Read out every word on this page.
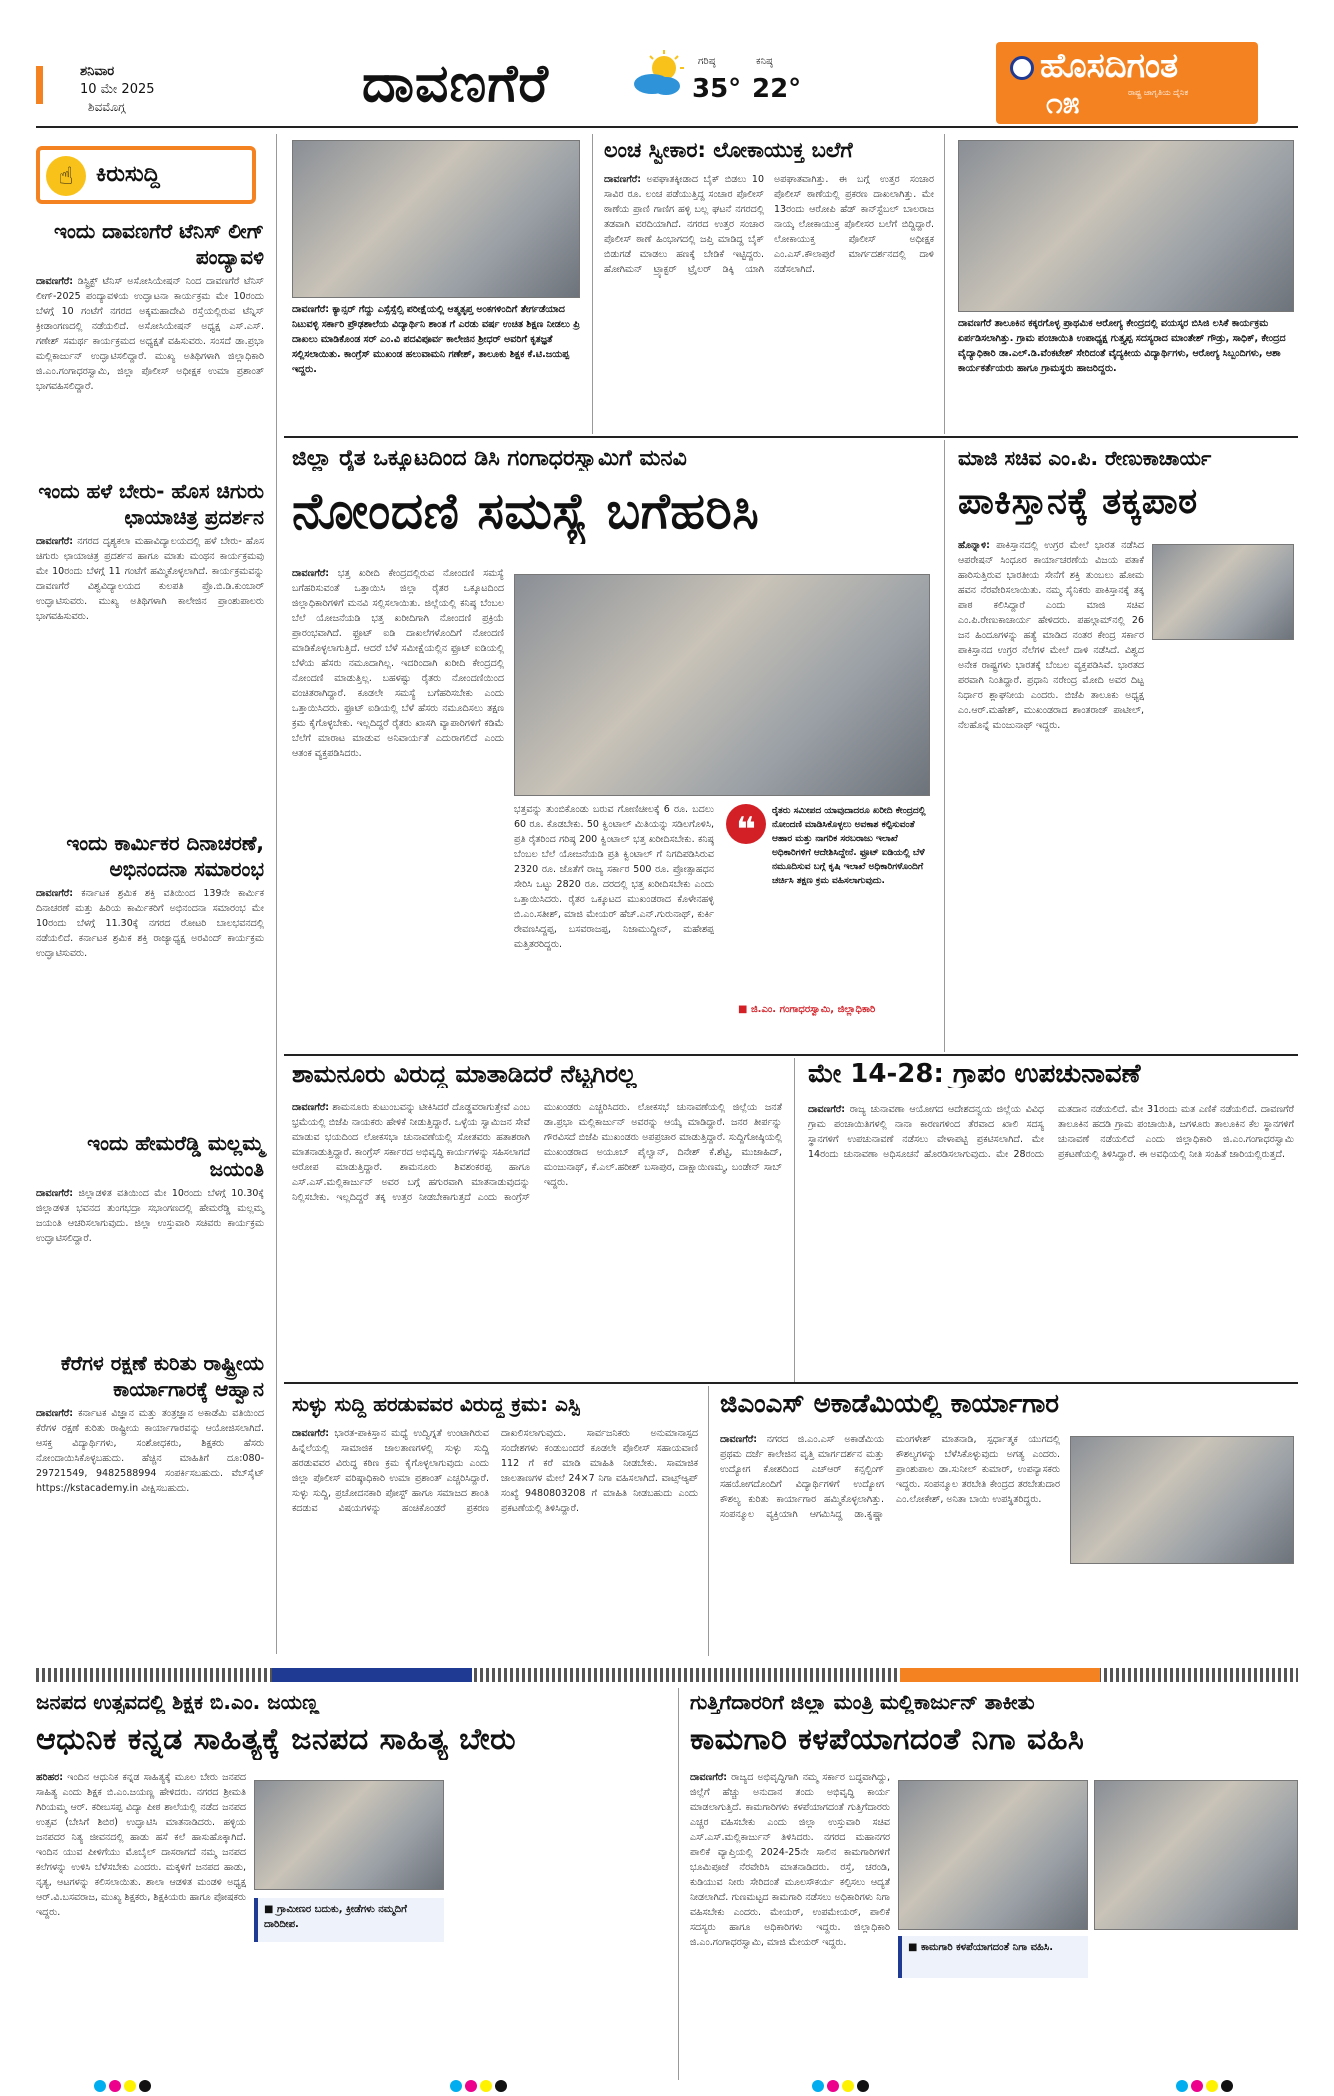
ಶನಿವಾರ
10 ಮೇ 2025
ಶಿವಮೊಗ್ಗ	ದಾವಣಗೆರೆ	ಗರಿಷ್ಠ
35°
ಕನಿಷ್ಠ
22°
ಹೊಸದಿಗಂತ
ರಾಷ್ಟ್ರ ಜಾಗೃತಿಯ ದೈನಿಕ
೧೫
☝	ಕಿರುಸುದ್ದಿ
ಇಂದು ದಾವಣಗೆರೆ ಟೆನಿಸ್ ಲೀಗ್ ಪಂದ್ಯಾವಳಿ
ದಾವಣಗೆರೆ: ಡಿಸ್ಟ್ರಿಕ್ಟ್ ಟೆನಿಸ್ ಅಸೋಸಿಯೇಷನ್ ನಿಂದ ದಾವಣಗೆರೆ ಟೆನಿಸ್ ಲೀಗ್-2025 ಪಂದ್ಯಾವಳಿಯ ಉದ್ಘಾಟನಾ ಕಾರ್ಯಕ್ರಮ ಮೇ 10ರಂದು ಬೆಳಗ್ಗೆ 10 ಗಂಟೆಗೆ ನಗರದ ಅಕ್ಕಮಹಾದೇವಿ ರಸ್ತೆಯಲ್ಲಿರುವ ಟೆನ್ನಿಸ್ ಕ್ರೀಡಾಂಗಣದಲ್ಲಿ ನಡೆಯಲಿದೆ. ಅಸೋಸಿಯೇಷನ್ ಅಧ್ಯಕ್ಷ ಎಸ್.ಎಸ್. ಗಣೇಶ್ ಸಮರ್ಥ ಕಾರ್ಯಕ್ರಮದ ಅಧ್ಯಕ್ಷತೆ ವಹಿಸುವರು. ಸಂಸದೆ ಡಾ.ಪ್ರಭಾ ಮಲ್ಲಿಕಾರ್ಜುನ್ ಉದ್ಘಾಟಿಸಲಿದ್ದಾರೆ. ಮುಖ್ಯ ಅತಿಥಿಗಳಾಗಿ ಜಿಲ್ಲಾಧಿಕಾರಿ ಜಿ.ಎಂ.ಗಂಗಾಧರಸ್ವಾಮಿ, ಜಿಲ್ಲಾ ಪೊಲೀಸ್ ಅಧೀಕ್ಷಕ ಉಮಾ ಪ್ರಶಾಂತ್ ಭಾಗವಹಿಸಲಿದ್ದಾರೆ.
ಇಂದು ಹಳೆ ಬೇರು- ಹೊಸ ಚಿಗುರು ಛಾಯಾಚಿತ್ರ ಪ್ರದರ್ಶನ
ದಾವಣಗೆರೆ: ನಗರದ ದೃಶ್ಯಕಲಾ ಮಹಾವಿದ್ಯಾಲಯದಲ್ಲಿ ಹಳೆ ಬೇರು- ಹೊಸ ಚಿಗುರು ಛಾಯಾಚಿತ್ರ ಪ್ರದರ್ಶನ ಹಾಗೂ ಮಾತು ಮಂಥನ ಕಾರ್ಯಕ್ರಮವು ಮೇ 10ರಂದು ಬೆಳಗ್ಗೆ 11 ಗಂಟೆಗೆ ಹಮ್ಮಿಕೊಳ್ಳಲಾಗಿದೆ. ಕಾರ್ಯಕ್ರಮವನ್ನು ದಾವಣಗೆರೆ ವಿಶ್ವವಿದ್ಯಾಲಯದ ಕುಲಪತಿ ಪ್ರೊ.ಬಿ.ಡಿ.ಕುಂಬಾರ್ ಉದ್ಘಾಟಿಸುವರು. ಮುಖ್ಯ ಅತಿಥಿಗಳಾಗಿ ಕಾಲೇಜಿನ ಪ್ರಾಂಶುಪಾಲರು ಭಾಗವಹಿಸುವರು.
ಇಂದು ಕಾರ್ಮಿಕರ ದಿನಾಚರಣೆ, ಅಭಿನಂದನಾ ಸಮಾರಂಭ
ದಾವಣಗೆರೆ: ಕರ್ನಾಟಕ ಶ್ರಮಿಕ ಶಕ್ತಿ ವತಿಯಿಂದ 139ನೇ ಕಾರ್ಮಿಕ ದಿನಾಚರಣೆ ಮತ್ತು ಹಿರಿಯ ಕಾರ್ಮಿಕರಿಗೆ ಅಭಿನಂದನಾ ಸಮಾರಂಭ ಮೇ 10ರಂದು ಬೆಳಗ್ಗೆ 11.30ಕ್ಕೆ ನಗರದ ರೋಟರಿ ಬಾಲಭವನದಲ್ಲಿ ನಡೆಯಲಿದೆ. ಕರ್ನಾಟಕ ಶ್ರಮಿಕ ಶಕ್ತಿ ರಾಜ್ಯಾಧ್ಯಕ್ಷ ಅರವಿಂದ್ ಕಾರ್ಯಕ್ರಮ ಉದ್ಘಾಟಿಸುವರು.
ಇಂದು ಹೇಮರೆಡ್ಡಿ ಮಲ್ಲಮ್ಮ ಜಯಂತಿ
ದಾವಣಗೆರೆ: ಜಿಲ್ಲಾಡಳಿತ ವತಿಯಿಂದ ಮೇ 10ರಂದು ಬೆಳಗ್ಗೆ 10.30ಕ್ಕೆ ಜಿಲ್ಲಾಡಳಿತ ಭವನದ ತುಂಗಭದ್ರಾ ಸಭಾಂಗಣದಲ್ಲಿ ಹೇಮರೆಡ್ಡಿ ಮಲ್ಲಮ್ಮ ಜಯಂತಿ ಆಚರಿಸಲಾಗುವುದು. ಜಿಲ್ಲಾ ಉಸ್ತುವಾರಿ ಸಚಿವರು ಕಾರ್ಯಕ್ರಮ ಉದ್ಘಾಟಿಸಲಿದ್ದಾರೆ.
ಕೆರೆಗಳ ರಕ್ಷಣೆ ಕುರಿತು ರಾಷ್ಟ್ರೀಯ ಕಾರ್ಯಾಗಾರಕ್ಕೆ ಆಹ್ವಾನ
ದಾವಣಗೆರೆ: ಕರ್ನಾಟಕ ವಿಜ್ಞಾನ ಮತ್ತು ತಂತ್ರಜ್ಞಾನ ಅಕಾಡೆಮಿ ವತಿಯಿಂದ ಕೆರೆಗಳ ರಕ್ಷಣೆ ಕುರಿತು ರಾಷ್ಟ್ರೀಯ ಕಾರ್ಯಾಗಾರವನ್ನು ಆಯೋಜಿಸಲಾಗಿದೆ. ಆಸಕ್ತ ವಿದ್ಯಾರ್ಥಿಗಳು, ಸಂಶೋಧಕರು, ಶಿಕ್ಷಕರು ಹೆಸರು ನೋಂದಾಯಿಸಿಕೊಳ್ಳಬಹುದು. ಹೆಚ್ಚಿನ ಮಾಹಿತಿಗೆ ದೂ:080-29721549, 9482588994 ಸಂಪರ್ಕಿಸಬಹುದು. ವೆಬ್‌ಸೈಟ್ https://kstacademy.in ವೀಕ್ಷಿಸಬಹುದು.
ದಾವಣಗೆರೆ: ಕ್ಯಾನ್ಸರ್ ಗೆದ್ದು ಎಸ್ಸೆಸ್ಸೆಲ್ಸಿ ಪರೀಕ್ಷೆಯಲ್ಲಿ ಆತ್ಮತೃಪ್ತ ಅಂಕಗಳಿಂದಿಗೆ ತೇರ್ಗಡೆಯಾದ ನಿಟುವಳ್ಳಿ ಸರ್ಕಾರಿ ಪ್ರೌಢಶಾಲೆಯ ವಿದ್ಯಾರ್ಥಿನಿ ಶಾಂತ ಗೆ ಎರಡು ವರ್ಷ ಉಚಿತ ಶಿಕ್ಷಣ ನೀಡಲು ಪ್ರಿ ದಾಖಲು ಮಾಡಿಕೊಂಡ ಸರ್ ಎಂ.ವಿ ಪದವಿಪೂರ್ವ ಕಾಲೇಜಿನ ಶ್ರೀಧರ್ ಅವರಿಗೆ ಕೃತಜ್ಞತೆ ಸಲ್ಲಿಸಲಾಯಿತು. ಕಾಂಗ್ರೆಸ್ ಮುಖಂಡ ಹಲುವಾಮನಿ ಗಣೇಶ್, ತಾಲೂಕು ಶಿಕ್ಷಕ ಕೆ.ಟಿ.ಜಯಪ್ಪ ಇದ್ದರು.
ಲಂಚ ಸ್ವೀಕಾರ: ಲೋಕಾಯುಕ್ತ ಬಲೆಗೆ
ದಾವಣಗೆರೆ: ಅಪಘಾತಕ್ಕೀಡಾದ ಬೈಕ್ ಬಿಡಲು 10 ಸಾವಿರ ರೂ. ಲಂಚ ಪಡೆಯುತ್ತಿದ್ದ ಸಂಚಾರ ಪೊಲೀಸ್ ಠಾಣೆಯ ಪ್ರಾಣಿ ಗಾಣಿಗ ಹಳ್ಳಿ ಬಲ್ಲ ಘಟನೆ ನಗರದಲ್ಲಿ ತಡವಾಗಿ ವರದಿಯಾಗಿದೆ. ನಗರದ ಉತ್ತರ ಸಂಚಾರ ಪೊಲೀಸ್ ಠಾಣೆ ಹಿಂಭಾಗದಲ್ಲಿ ಜಪ್ತಿ ಮಾಡಿದ್ದ ಬೈಕ್ ಬಿಡುಗಡೆ ಮಾಡಲು ಹಣಕ್ಕೆ ಬೇಡಿಕೆ ಇಟ್ಟಿದ್ದರು. ಹೋಗಿಮನ್ ಟ್ರ್ಯಾಕ್ಟರ್ ಟ್ರೈಲರ್ ಡಿಕ್ಕಿ ಯಾಗಿ ಅಪಘಾತವಾಗಿತ್ತು. ಈ ಬಗ್ಗೆ ಉತ್ತರ ಸಂಚಾರ ಪೊಲೀಸ್ ಠಾಣೆಯಲ್ಲಿ ಪ್ರಕರಣ ದಾಖಲಾಗಿತ್ತು. ಮೇ 13ರಂದು ಆರೋಪಿ ಹೆಡ್ ಕಾನ್‌ಸ್ಟೆಬಲ್ ಬಾಲರಾಜ ನಾಯ್ಕ ಲೋಕಾಯುಕ್ತ ಪೊಲೀಸರ ಬಲೆಗೆ ಬಿದ್ದಿದ್ದಾರೆ. ಲೋಕಾಯುಕ್ತ ಪೊಲೀಸ್ ಅಧೀಕ್ಷಕ ಎಂ.ಎಸ್.ಕೌಲಾಪುರೆ ಮಾರ್ಗದರ್ಶನದಲ್ಲಿ ದಾಳಿ ನಡೆಸಲಾಗಿದೆ.
ದಾವಣಗೆರೆ ತಾಲೂಕಿನ ಕಕ್ಕರಗೊಳ್ಳ ಪ್ರಾಥಮಿಕ ಆರೋಗ್ಯ ಕೇಂದ್ರದಲ್ಲಿ ವಯಸ್ಕರ ಬಿಸಿಜಿ ಲಸಿಕೆ ಕಾರ್ಯಕ್ರಮ ಏರ್ಪಡಿಸಲಾಗಿತ್ತು. ಗ್ರಾಮ ಪಂಚಾಯಿತಿ ಉಪಾಧ್ಯಕ್ಷ ಗುತ್ತ್ಯಪ್ಪ ಸದಸ್ಯರಾದ ಮಾಂತೇಶ್ ಗೌಡ್ರು, ಸಾಧಿಕ್, ಕೇಂದ್ರದ ವೈದ್ಯಾಧಿಕಾರಿ ಡಾ.ಎಲ್.ಡಿ.ವೆಂಕಟೇಶ್ ಸೇರಿದಂತೆ ವೈದ್ಯಕೀಯ ವಿದ್ಯಾರ್ಥಿಗಳು, ಆರೋಗ್ಯ ಸಿಬ್ಬಂದಿಗಳು, ಆಶಾ ಕಾರ್ಯಕರ್ತೆಯರು ಹಾಗೂ ಗ್ರಾಮಸ್ಥರು ಹಾಜರಿದ್ದರು.
ಜಿಲ್ಲಾ ರೈತ ಒಕ್ಕೂಟದಿಂದ ಡಿಸಿ ಗಂಗಾಧರಸ್ವಾಮಿಗೆ ಮನವಿ
ನೋಂದಣಿ ಸಮಸ್ಯೆ ಬಗೆಹರಿಸಿ
ದಾವಣಗೆರೆ: ಭತ್ತ ಖರೀದಿ ಕೇಂದ್ರದಲ್ಲಿರುವ ನೋಂದಣಿ ಸಮಸ್ಯೆ ಬಗೆಹರಿಸುವಂತೆ ಒತ್ತಾಯಿಸಿ ಜಿಲ್ಲಾ ರೈತರ ಒಕ್ಕೂಟದಿಂದ ಜಿಲ್ಲಾಧಿಕಾರಿಗಳಿಗೆ ಮನವಿ ಸಲ್ಲಿಸಲಾಯಿತು. ಜಿಲ್ಲೆಯಲ್ಲಿ ಕನಿಷ್ಠ ಬೆಂಬಲ ಬೆಲೆ ಯೋಜನೆಯಡಿ ಭತ್ತ ಖರೀದಿಗಾಗಿ ನೋಂದಣಿ ಪ್ರಕ್ರಿಯೆ ಪ್ರಾರಂಭವಾಗಿದೆ. ಫ್ರೂಟ್ ಐಡಿ ದಾಖಲೆಗಳೊಂದಿಗೆ ನೋಂದಣಿ ಮಾಡಿಕೊಳ್ಳಲಾಗುತ್ತಿದೆ. ಆದರೆ ಬೆಳೆ ಸಮೀಕ್ಷೆಯಲ್ಲಿನ ಫ್ರೂಟ್ ಐಡಿಯಲ್ಲಿ ಬೆಳೆಯ ಹೆಸರು ನಮೂದಾಗಿಲ್ಲ. ಇದರಿಂದಾಗಿ ಖರೀದಿ ಕೇಂದ್ರದಲ್ಲಿ ನೋಂದಣಿ ಮಾಡುತ್ತಿಲ್ಲ. ಬಹಳಷ್ಟು ರೈತರು ನೋಂದಣಿಯಿಂದ ವಂಚಿತರಾಗಿದ್ದಾರೆ. ಕೂಡಲೇ ಸಮಸ್ಯೆ ಬಗೆಹರಿಸಬೇಕು ಎಂದು ಒತ್ತಾಯಿಸಿದರು. ಫ್ರೂಟ್ ಐಡಿಯಲ್ಲಿ ಬೆಳೆ ಹೆಸರು ನಮೂದಿಸಲು ತಕ್ಷಣ ಕ್ರಮ ಕೈಗೊಳ್ಳಬೇಕು. ಇಲ್ಲದಿದ್ದರೆ ರೈತರು ಖಾಸಗಿ ವ್ಯಾಪಾರಿಗಳಿಗೆ ಕಡಿಮೆ ಬೆಲೆಗೆ ಮಾರಾಟ ಮಾಡುವ ಅನಿವಾರ್ಯತೆ ಎದುರಾಗಲಿದೆ ಎಂದು ಆತಂಕ ವ್ಯಕ್ತಪಡಿಸಿದರು.
ಭತ್ತವನ್ನು ತುಂಬಿಕೊಂಡು ಬರುವ ಗೋಣಿಚೀಲಕ್ಕೆ 6 ರೂ. ಬದಲು 60 ರೂ. ಕೊಡಬೇಕು. 50 ಕ್ವಿಂಟಾಲ್ ಮಿತಿಯನ್ನು ಸಡಿಲಗೊಳಿಸಿ, ಪ್ರತಿ ರೈತರಿಂದ ಗರಿಷ್ಠ 200 ಕ್ವಿಂಟಾಲ್ ಭತ್ತ ಖರೀದಿಸಬೇಕು. ಕನಿಷ್ಠ ಬೆಂಬಲ ಬೆಲೆ ಯೋಜನೆಯಡಿ ಪ್ರತಿ ಕ್ವಿಂಟಾಲ್ ಗೆ ನಿಗದಿಪಡಿಸಿರುವ 2320 ರೂ. ಜೊತೆಗೆ ರಾಜ್ಯ ಸರ್ಕಾರ 500 ರೂ. ಪ್ರೋತ್ಸಾಹಧನ ಸೇರಿಸಿ ಒಟ್ಟು 2820 ರೂ. ದರದಲ್ಲಿ ಭತ್ತ ಖರೀದಿಸಬೇಕು ಎಂದು ಒತ್ತಾಯಿಸಿದರು. ರೈತರ ಒಕ್ಕೂಟದ ಮುಖಂಡರಾದ ಕೊಳೇನಹಳ್ಳಿ ಬಿ.ಎಂ.ಸತೀಶ್, ಮಾಜಿ ಮೇಯರ್ ಹೆಚ್.ಎನ್.ಗುರುನಾಥ್, ಕುರ್ಕಿ ರೇವಣಸಿದ್ದಪ್ಪ, ಬಸವರಾಜಪ್ಪ, ನಿಜಾಮುದ್ದೀನ್, ಮಹೇಶಪ್ಪ ಮತ್ತಿತರರಿದ್ದರು.
❝	ರೈತರು ಸಮೀಪದ ಯಾವುದಾದರೂ ಖರೀದಿ ಕೇಂದ್ರದಲ್ಲಿ ನೋಂದಣಿ ಮಾಡಿಸಿಕೊಳ್ಳಲು ಅವಕಾಶ ಕಲ್ಪಿಸುವಂತೆ ಆಹಾರ ಮತ್ತು ನಾಗರಿಕ ಸರಬರಾಜು ಇಲಾಖೆ ಅಧಿಕಾರಿಗಳಿಗೆ ಆದೇಶಿಸಿದ್ದೇನೆ. ಫ್ರೂಟ್ ಐಡಿಯಲ್ಲಿ ಬೆಳೆ ನಮೂದಿಸುವ ಬಗ್ಗೆ ಕೃಷಿ ಇಲಾಖೆ ಅಧಿಕಾರಿಗಳೊಂದಿಗೆ ಚರ್ಚಿಸಿ ತಕ್ಷಣ ಕ್ರಮ ವಹಿಸಲಾಗುವುದು.
■ ಜಿ.ಎಂ. ಗಂಗಾಧರಸ್ವಾಮಿ, ಜಿಲ್ಲಾಧಿಕಾರಿ
ಮಾಜಿ ಸಚಿವ ಎಂ.ಪಿ. ರೇಣುಕಾಚಾರ್ಯ
ಪಾಕಿಸ್ತಾನಕ್ಕೆ ತಕ್ಕಪಾಠ
ಹೊನ್ನಾಳಿ: ಪಾಕಿಸ್ತಾನದಲ್ಲಿ ಉಗ್ರರ ಮೇಲೆ ಭಾರತ ನಡೆಸಿದ ಆಪರೇಷನ್ ಸಿಂಧೂರ ಕಾರ್ಯಾಚರಣೆಯ ವಿಜಯ ಪತಾಕೆ ಹಾರಿಸುತ್ತಿರುವ ಭಾರತೀಯ ಸೇನೆಗೆ ಶಕ್ತಿ ತುಂಬಲು ಹೋಮ ಹವನ ನೆರವೇರಿಸಲಾಯಿತು. ನಮ್ಮ ಸೈನಿಕರು ಪಾಕಿಸ್ತಾನಕ್ಕೆ ತಕ್ಕ ಪಾಠ ಕಲಿಸಿದ್ದಾರೆ ಎಂದು ಮಾಜಿ ಸಚಿವ ಎಂ.ಪಿ.ರೇಣುಕಾಚಾರ್ಯ ಹೇಳಿದರು. ಪಹಲ್ಗಾಮ್‌ನಲ್ಲಿ 26 ಜನ ಹಿಂದೂಗಳನ್ನು ಹತ್ಯೆ ಮಾಡಿದ ನಂತರ ಕೇಂದ್ರ ಸರ್ಕಾರ ಪಾಕಿಸ್ತಾನದ ಉಗ್ರರ ನೆಲೆಗಳ ಮೇಲೆ ದಾಳಿ ನಡೆಸಿದೆ. ವಿಶ್ವದ ಅನೇಕ ರಾಷ್ಟ್ರಗಳು ಭಾರತಕ್ಕೆ ಬೆಂಬಲ ವ್ಯಕ್ತಪಡಿಸಿವೆ. ಭಾರತದ ಪರವಾಗಿ ನಿಂತಿದ್ದಾರೆ. ಪ್ರಧಾನಿ ನರೇಂದ್ರ ಮೋದಿ ಅವರ ದಿಟ್ಟ ನಿರ್ಧಾರ ಶ್ಲಾಘನೀಯ ಎಂದರು. ಬಿಜೆಪಿ ತಾಲೂಕು ಅಧ್ಯಕ್ಷ ಎಂ.ಆರ್.ಮಹೇಶ್, ಮುಖಂಡರಾದ ಶಾಂತರಾಜ್ ಪಾಟೀಲ್, ನೆಲಹೊನ್ನೆ ಮಂಜುನಾಥ್ ಇದ್ದರು.
ಶಾಮನೂರು ವಿರುದ್ಧ ಮಾತಾಡಿದರೆ ನೆಟ್ಟಗಿರಲ್ಲ
ದಾವಣಗೆರೆ: ಶಾಮನೂರು ಕುಟುಂಬವನ್ನು ಟೀಕಿಸಿದರೆ ದೊಡ್ಡವರಾಗುತ್ತೇವೆ ಎಂಬ ಭ್ರಮೆಯಲ್ಲಿ ಬಿಜೆಪಿ ನಾಯಕರು ಹೇಳಿಕೆ ನೀಡುತ್ತಿದ್ದಾರೆ. ಒಳ್ಳೆಯ ಸ್ವಾಮಿಜನ ಸೇವೆ ಮಾಡುವ ಭಯದಿಂದ ಲೋಕಸಭಾ ಚುನಾವಣೆಯಲ್ಲಿ ಸೋತವರು ಹತಾಶರಾಗಿ ಮಾತನಾಡುತ್ತಿದ್ದಾರೆ. ಕಾಂಗ್ರೆಸ್ ಸರ್ಕಾರದ ಅಭಿವೃದ್ಧಿ ಕಾರ್ಯಗಳನ್ನು ಸಹಿಸಲಾಗದೆ ಆರೋಪ ಮಾಡುತ್ತಿದ್ದಾರೆ. ಶಾಮನೂರು ಶಿವಶಂಕರಪ್ಪ ಹಾಗೂ ಎಸ್.ಎಸ್.ಮಲ್ಲಿಕಾರ್ಜುನ್ ಅವರ ಬಗ್ಗೆ ಹಗುರವಾಗಿ ಮಾತನಾಡುವುದನ್ನು ನಿಲ್ಲಿಸಬೇಕು. ಇಲ್ಲದಿದ್ದರೆ ತಕ್ಕ ಉತ್ತರ ನೀಡಬೇಕಾಗುತ್ತದೆ ಎಂದು ಕಾಂಗ್ರೆಸ್ ಮುಖಂಡರು ಎಚ್ಚರಿಸಿದರು. ಲೋಕಸಭೆ ಚುನಾವಣೆಯಲ್ಲಿ ಜಿಲ್ಲೆಯ ಜನತೆ ಡಾ.ಪ್ರಭಾ ಮಲ್ಲಿಕಾರ್ಜುನ್ ಅವರನ್ನು ಆಯ್ಕೆ ಮಾಡಿದ್ದಾರೆ. ಜನರ ತೀರ್ಪನ್ನು ಗೌರವಿಸದೆ ಬಿಜೆಪಿ ಮುಖಂಡರು ಅಪಪ್ರಚಾರ ಮಾಡುತ್ತಿದ್ದಾರೆ. ಸುದ್ದಿಗೋಷ್ಠಿಯಲ್ಲಿ ಮುಖಂಡರಾದ ಅಯೂಬ್ ಪೈಲ್ವಾನ್, ದಿನೇಶ್ ಕೆ.ಶೆಟ್ಟಿ, ಮುಜಾಹಿದ್, ಮಂಜುನಾಥ್, ಕೆ.ಎಲ್.ಹರೀಶ್ ಬಸಾಪುರ, ದಾಕ್ಷಾಯಿಣಮ್ಮ, ಬಂಡೇನ್ ಸಾಬ್ ಇದ್ದರು.
ಮೇ 14-28: ಗ್ರಾಪಂ ಉಪಚುನಾವಣೆ
ದಾವಣಗೆರೆ: ರಾಜ್ಯ ಚುನಾವಣಾ ಆಯೋಗದ ಆದೇಶದನ್ವಯ ಜಿಲ್ಲೆಯ ವಿವಿಧ ಗ್ರಾಮ ಪಂಚಾಯಿತಿಗಳಲ್ಲಿ ನಾನಾ ಕಾರಣಗಳಿಂದ ತೆರವಾದ ಖಾಲಿ ಸದಸ್ಯ ಸ್ಥಾನಗಳಿಗೆ ಉಪಚುನಾವಣೆ ನಡೆಸಲು ವೇಳಾಪಟ್ಟಿ ಪ್ರಕಟಿಸಲಾಗಿದೆ. ಮೇ 14ರಂದು ಚುನಾವಣಾ ಅಧಿಸೂಚನೆ ಹೊರಡಿಸಲಾಗುವುದು. ಮೇ 28ರಂದು ಮತದಾನ ನಡೆಯಲಿದೆ. ಮೇ 31ರಂದು ಮತ ಎಣಿಕೆ ನಡೆಯಲಿದೆ. ದಾವಣಗೆರೆ ತಾಲೂಕಿನ ಹದಡಿ ಗ್ರಾಮ ಪಂಚಾಯಿತಿ, ಜಗಳೂರು ತಾಲೂಕಿನ ಕೆಲ ಸ್ಥಾನಗಳಿಗೆ ಚುನಾವಣೆ ನಡೆಯಲಿದೆ ಎಂದು ಜಿಲ್ಲಾಧಿಕಾರಿ ಜಿ.ಎಂ.ಗಂಗಾಧರಸ್ವಾಮಿ ಪ್ರಕಟಣೆಯಲ್ಲಿ ತಿಳಿಸಿದ್ದಾರೆ. ಈ ಅವಧಿಯಲ್ಲಿ ನೀತಿ ಸಂಹಿತೆ ಜಾರಿಯಲ್ಲಿರುತ್ತದೆ.
ಸುಳ್ಳು ಸುದ್ದಿ ಹರಡುವವರ ವಿರುದ್ಧ ಕ್ರಮ: ಎಸ್ಪಿ
ದಾವಣಗೆರೆ: ಭಾರತ-ಪಾಕಿಸ್ತಾನ ಮಧ್ಯೆ ಉದ್ವಿಗ್ನತೆ ಉಂಟಾಗಿರುವ ಹಿನ್ನೆಲೆಯಲ್ಲಿ ಸಾಮಾಜಿಕ ಜಾಲತಾಣಗಳಲ್ಲಿ ಸುಳ್ಳು ಸುದ್ದಿ ಹರಡುವವರ ವಿರುದ್ಧ ಕಠಿಣ ಕ್ರಮ ಕೈಗೊಳ್ಳಲಾಗುವುದು ಎಂದು ಜಿಲ್ಲಾ ಪೊಲೀಸ್ ವರಿಷ್ಠಾಧಿಕಾರಿ ಉಮಾ ಪ್ರಶಾಂತ್ ಎಚ್ಚರಿಸಿದ್ದಾರೆ. ಸುಳ್ಳು ಸುದ್ದಿ, ಪ್ರಚೋದನಕಾರಿ ಪೋಸ್ಟ್ ಹಾಗೂ ಸಮಾಜದ ಶಾಂತಿ ಕದಡುವ ವಿಷಯಗಳನ್ನು ಹಂಚಿಕೊಂಡರೆ ಪ್ರಕರಣ ದಾಖಲಿಸಲಾಗುವುದು. ಸಾರ್ವಜನಿಕರು ಅನುಮಾನಾಸ್ಪದ ಸಂದೇಶಗಳು ಕಂಡುಬಂದರೆ ಕೂಡಲೇ ಪೊಲೀಸ್ ಸಹಾಯವಾಣಿ 112 ಗೆ ಕರೆ ಮಾಡಿ ಮಾಹಿತಿ ನೀಡಬೇಕು. ಸಾಮಾಜಿಕ ಜಾಲತಾಣಗಳ ಮೇಲೆ 24×7 ನಿಗಾ ವಹಿಸಲಾಗಿದೆ. ವಾಟ್ಸ್‌ಆ್ಯಪ್ ಸಂಖ್ಯೆ 9480803208 ಗೆ ಮಾಹಿತಿ ನೀಡಬಹುದು ಎಂದು ಪ್ರಕಟಣೆಯಲ್ಲಿ ತಿಳಿಸಿದ್ದಾರೆ.
ಜಿಎಂಎಸ್ ಅಕಾಡೆಮಿಯಲ್ಲಿ ಕಾರ್ಯಾಗಾರ
ದಾವಣಗೆರೆ: ನಗರದ ಜಿ.ಎಂ.ಎಸ್ ಅಕಾಡೆಮಿಯ ಪ್ರಥಮ ದರ್ಜೆ ಕಾಲೇಜಿನ ವೃತ್ತಿ ಮಾರ್ಗದರ್ಶನ ಮತ್ತು ಉದ್ಯೋಗ ಕೋಶದಿಂದ ಎಚ್‌ಆರ್ ಕನ್ಸಲ್ಟಿಂಗ್ ಸಹಯೋಗದೊಂದಿಗೆ ವಿದ್ಯಾರ್ಥಿಗಳಿಗೆ ಉದ್ಯೋಗ ಕೌಶಲ್ಯ ಕುರಿತು ಕಾರ್ಯಾಗಾರ ಹಮ್ಮಿಕೊಳ್ಳಲಾಗಿತ್ತು. ಸಂಪನ್ಮೂಲ ವ್ಯಕ್ತಿಯಾಗಿ ಆಗಮಿಸಿದ್ದ ಡಾ.ಕೃಷ್ಣಾ ಮಂಗಳೇಶ್ ಮಾತನಾಡಿ, ಸ್ಪರ್ಧಾತ್ಮಕ ಯುಗದಲ್ಲಿ ಕೌಶಲ್ಯಗಳನ್ನು ಬೆಳೆಸಿಕೊಳ್ಳುವುದು ಅಗತ್ಯ ಎಂದರು. ಪ್ರಾಂಶುಪಾಲ ಡಾ.ಸುನೀಲ್ ಕುಮಾರ್, ಉಪನ್ಯಾಸಕರು ಇದ್ದರು. ಸಂಪನ್ಮೂಲ ತರಬೇತಿ ಕೇಂದ್ರದ ತರಬೇತುದಾರ ಎಂ.ಲೋಕೇಶ್, ಅನಿತಾ ಬಾಯಿ ಉಪಸ್ಥಿತರಿದ್ದರು.
ಜನಪದ ಉತ್ಸವದಲ್ಲಿ ಶಿಕ್ಷಕ ಬಿ.ಎಂ. ಜಯಣ್ಣ
ಆಧುನಿಕ ಕನ್ನಡ ಸಾಹಿತ್ಯಕ್ಕೆ ಜನಪದ ಸಾಹಿತ್ಯ ಬೇರು
ಹರಿಹರ: ಇಂದಿನ ಆಧುನಿಕ ಕನ್ನಡ ಸಾಹಿತ್ಯಕ್ಕೆ ಮೂಲ ಬೇರು ಜನಪದ ಸಾಹಿತ್ಯ ಎಂದು ಶಿಕ್ಷಕ ಬಿ.ಎಂ.ಜಯಣ್ಣ ಹೇಳಿದರು. ನಗರದ ಶ್ರೀಮತಿ ಗಿರಿಯಮ್ಮ ಆರ್. ಕರೀಬಸಪ್ಪ ವಿದ್ಯಾ ಪೀಠ ಶಾಲೆಯಲ್ಲಿ ನಡೆದ ಜನಪದ ಉತ್ಸವ (ಬೇಸಿಗೆ ಶಿಬಿರ) ಉದ್ಘಾಟಿಸಿ ಮಾತನಾಡಿದರು. ಹಳ್ಳಿಯ ಜನಪದರ ನಿತ್ಯ ಜೀವನದಲ್ಲಿ ಹಾಡು ಹಸೆ ಕಲೆ ಹಾಸುಹೊಕ್ಕಾಗಿದೆ. ಇಂದಿನ ಯುವ ಪೀಳಿಗೆಯು ಮೊಬೈಲ್ ದಾಸರಾಗದೆ ನಮ್ಮ ಜನಪದ ಕಲೆಗಳನ್ನು ಉಳಿಸಿ ಬೆಳೆಸಬೇಕು ಎಂದರು. ಮಕ್ಕಳಿಗೆ ಜನಪದ ಹಾಡು, ನೃತ್ಯ, ಆಟಗಳನ್ನು ಕಲಿಸಲಾಯಿತು. ಶಾಲಾ ಆಡಳಿತ ಮಂಡಳಿ ಅಧ್ಯಕ್ಷ ಆರ್.ವಿ.ಬಸವರಾಜ, ಮುಖ್ಯ ಶಿಕ್ಷಕರು, ಶಿಕ್ಷಕಿಯರು ಹಾಗೂ ಪೋಷಕರು ಇದ್ದರು.	■ ಗ್ರಾಮೀಣರ ಬದುಕು, ಕ್ರೀಡೆಗಳು ನಮ್ಮದಿಗೆ ದಾರಿದೀಪ.
ಗುತ್ತಿಗೆದಾರರಿಗೆ ಜಿಲ್ಲಾ ಮಂತ್ರಿ ಮಲ್ಲಿಕಾರ್ಜುನ್ ತಾಕೀತು
ಕಾಮಗಾರಿ ಕಳಪೆಯಾಗದಂತೆ ನಿಗಾ ವಹಿಸಿ
ದಾವಣಗೆರೆ: ರಾಜ್ಯದ ಅಭಿವೃದ್ಧಿಗಾಗಿ ನಮ್ಮ ಸರ್ಕಾರ ಬದ್ಧವಾಗಿದ್ದು, ಜಿಲ್ಲೆಗೆ ಹೆಚ್ಚು ಅನುದಾನ ತಂದು ಅಭಿವೃದ್ಧಿ ಕಾರ್ಯ ಮಾಡಲಾಗುತ್ತಿದೆ. ಕಾಮಗಾರಿಗಳು ಕಳಪೆಯಾಗದಂತೆ ಗುತ್ತಿಗೆದಾರರು ಎಚ್ಚರ ವಹಿಸಬೇಕು ಎಂದು ಜಿಲ್ಲಾ ಉಸ್ತುವಾರಿ ಸಚಿವ ಎಸ್.ಎಸ್.ಮಲ್ಲಿಕಾರ್ಜುನ್ ತಿಳಿಸಿದರು. ನಗರದ ಮಹಾನಗರ ಪಾಲಿಕೆ ವ್ಯಾಪ್ತಿಯಲ್ಲಿ 2024-25ನೇ ಸಾಲಿನ ಕಾಮಗಾರಿಗಳಿಗೆ ಭೂಮಿಪೂಜೆ ನೆರವೇರಿಸಿ ಮಾತನಾಡಿದರು. ರಸ್ತೆ, ಚರಂಡಿ, ಕುಡಿಯುವ ನೀರು ಸೇರಿದಂತೆ ಮೂಲಸೌಕರ್ಯ ಕಲ್ಪಿಸಲು ಆದ್ಯತೆ ನೀಡಲಾಗಿದೆ. ಗುಣಮಟ್ಟದ ಕಾಮಗಾರಿ ನಡೆಸಲು ಅಧಿಕಾರಿಗಳು ನಿಗಾ ವಹಿಸಬೇಕು ಎಂದರು. ಮೇಯರ್, ಉಪಮೇಯರ್, ಪಾಲಿಕೆ ಸದಸ್ಯರು ಹಾಗೂ ಅಧಿಕಾರಿಗಳು ಇದ್ದರು. ಜಿಲ್ಲಾಧಿಕಾರಿ ಜಿ.ಎಂ.ಗಂಗಾಧರಸ್ವಾಮಿ, ಮಾಜಿ ಮೇಯರ್ ಇದ್ದರು.	■ ಕಾಮಗಾರಿ ಕಳಪೆಯಾಗದಂತೆ ನಿಗಾ ವಹಿಸಿ.
